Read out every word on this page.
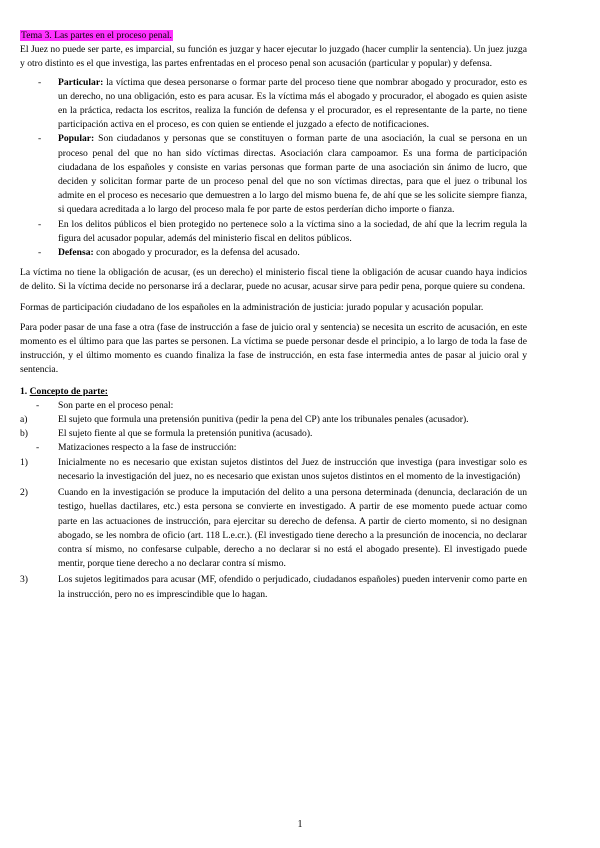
Tema 3. Las partes en el proceso penal.

El Juez no puede ser parte, es imparcial, su función es juzgar y hacer ejecutar lo juzgado (hacer cumplir la sentencia). Un juez juzga y otro distinto es el que investiga, las partes enfrentadas en el proceso penal son acusación (particular y popular) y defensa.

- Particular: la víctima que desea personarse o formar parte del proceso tiene que nombrar abogado y procurador, esto es un derecho, no una obligación, esto es para acusar. Es la víctima más el abogado y procurador, el abogado es quien asiste en la práctica, redacta los escritos, realiza la función de defensa y el procurador, es el representante de la parte, no tiene participación activa en el proceso, es con quien se entiende el juzgado a efecto de notificaciones.
- Popular: Son ciudadanos y personas que se constituyen o forman parte de una asociación, la cual se persona en un proceso penal del que no han sido víctimas directas. Asociación clara campoamor. Es una forma de participación ciudadana de los españoles y consiste en varias personas que forman parte de una asociación sin ánimo de lucro, que deciden y solicitan formar parte de un proceso penal del que no son víctimas directas, para que el juez o tribunal los admite en el proceso es necesario que demuestren a lo largo del mismo buena fe, de ahí que se les solicite siempre fianza, si quedara acreditada a lo largo del proceso mala fe por parte de estos perderían dicho importe o fianza.
- En los delitos públicos el bien protegido no pertenece solo a la víctima sino a la sociedad, de ahí que la lecrim regula la figura del acusador popular, además del ministerio fiscal en delitos públicos.
- Defensa: con abogado y procurador, es la defensa del acusado.

La víctima no tiene la obligación de acusar, (es un derecho) el ministerio fiscal tiene la obligación de acusar cuando haya indicios de delito. Si la víctima decide no personarse irá a declarar, puede no acusar, acusar sirve para pedir pena, porque quiere su condena.

Formas de participación ciudadano de los españoles en la administración de justicia: jurado popular y acusación popular.

Para poder pasar de una fase a otra (fase de instrucción a fase de juicio oral y sentencia) se necesita un escrito de acusación, en este momento es el último para que las partes se personen. La víctima se puede personar desde el principio, a lo largo de toda la fase de instrucción, y el último momento es cuando finaliza la fase de instrucción, en esta fase intermedia antes de pasar al juicio oral y sentencia.

1. Concepto de parte:
- Son parte en el proceso penal:
a)	El sujeto que formula una pretensión punitiva (pedir la pena del CP) ante los tribunales penales (acusador).
b)	El sujeto fiente al que se formula la pretensión punitiva (acusado).
- Matizaciones respecto a la fase de instrucción:
1)	Inicialmente no es necesario que existan sujetos distintos del Juez de instrucción que investiga (para investigar solo es necesario la investigación del juez, no es necesario que existan unos sujetos distintos en el momento de la investigación)
2)	Cuando en la investigación se produce la imputación del delito a una persona determinada (denuncia, declaración de un testigo, huellas dactilares, etc.) esta persona se convierte en investigado. A partir de ese momento puede actuar como parte en las actuaciones de instrucción, para ejercitar su derecho de defensa. A partir de cierto momento, si no designan abogado, se les nombra de oficio (art. 118 L.e.cr.). (El investigado tiene derecho a la presunción de inocencia, no declarar contra sí mismo, no confesarse culpable, derecho a no declarar si no está el abogado presente). El investigado puede mentir, porque tiene derecho a no declarar contra sí mismo.
3)	Los sujetos legitimados para acusar (MF, ofendido o perjudicado, ciudadanos españoles) pueden intervenir como parte en la instrucción, pero no es imprescindible que lo hagan.
1
